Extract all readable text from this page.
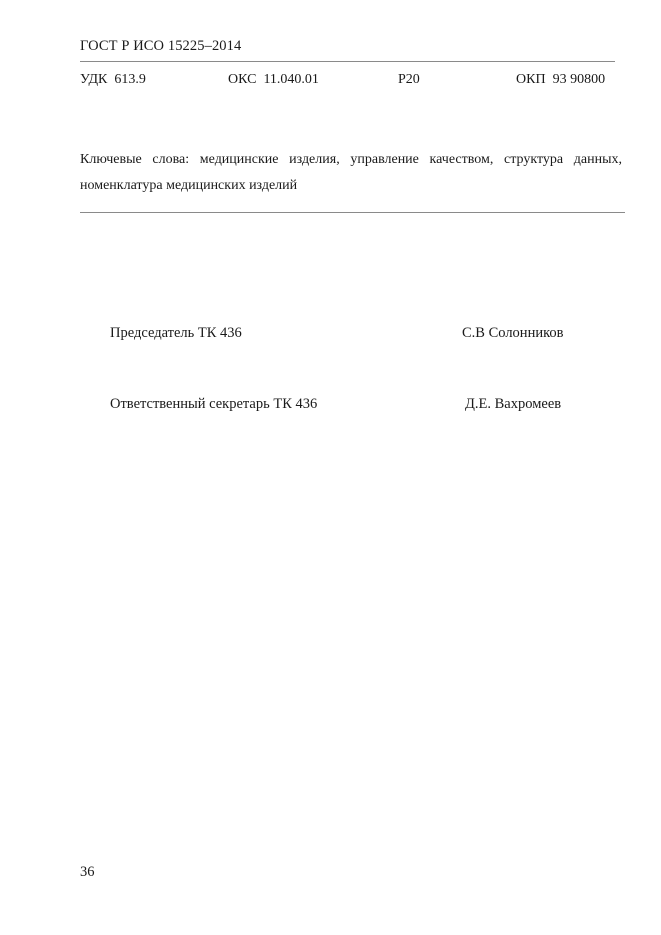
ГОСТ Р ИСО 15225–2014
УДК 613.9	ОКС 11.040.01	Р20	ОКП 93 90800
Ключевые слова: медицинские изделия, управление качеством, структура данных, номенклатура медицинских изделий
Председатель ТК 436	С.В Солонников
Ответственный секретарь ТК 436	Д.Е. Вахромеев
36
